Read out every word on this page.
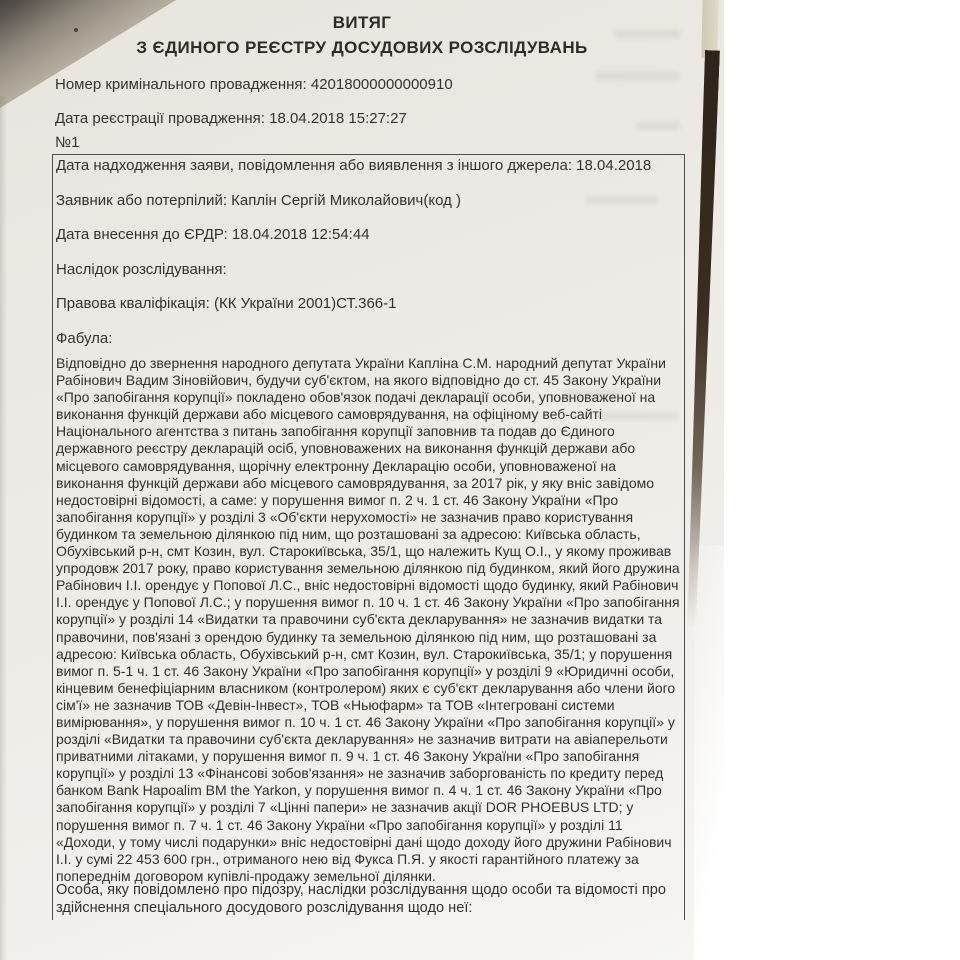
ВИТЯГ
З ЄДИНОГО РЕЄСТРУ ДОСУДОВИХ РОЗСЛІДУВАНЬ
Номер кримінального провадження: 42018000000000910
Дата реєстрації провадження: 18.04.2018 15:27:27
№1
Дата надходження заяви, повідомлення або виявлення з іншого джерела: 18.04.2018
Заявник або потерпілий: Каплін Сергій Миколайович(код )
Дата внесення до ЄРДР: 18.04.2018 12:54:44
Наслідок розслідування:
Правова кваліфікація: (КК України 2001)СТ.366-1
Фабула:
Відповідно до звернення народного депутата України Капліна С.М. народний депутат України Рабінович Вадим Зіновійович, будучи суб'єктом, на якого відповідно до ст. 45 Закону України «Про запобігання корупції» покладено обов'язок подачі декларації особи, уповноваженої на виконання функцій держави або місцевого самоврядування, на офіціному веб-сайті Національного агентства з питань запобігання корупції заповнив та подав до Єдиного державного реєстру декларацій осіб, уповноважених на виконання функцій держави або місцевого самоврядування, щорічну електронну Декларацію особи, уповноваженої на виконання функцій держави або місцевого самоврядування, за 2017 рік, у яку вніс завідомо недостовірні відомості, а саме: у порушення вимог п. 2 ч. 1 ст. 46 Закону України «Про запобігання корупції» у розділі 3 «Об'єкти нерухомості» не зазначив право користування будинком та земельною ділянкою під ним, що розташовані за адресою: Київська область, Обухівський р-н, смт Козин, вул. Старокиївська, 35/1, що належить Кущ О.І., у якому проживав упродовж 2017 року, право користування земельною ділянкою під будинком, який його дружина Рабінович І.І. орендує у Попової Л.С., вніс недостовірні відомості щодо будинку, який Рабінович І.І. орендує у Попової Л.С.; у порушення вимог п. 10 ч. 1 ст. 46 Закону України «Про запобігання корупції» у розділі 14 «Видатки та правочини суб'єкта декларування» не зазначив видатки та правочини, пов'язані з орендою будинку та земельною ділянкою під ним, що розташовані за адресою: Київська область, Обухівський р-н, смт Козин, вул. Старокиївська, 35/1; у порушення вимог п. 5-1 ч. 1 ст. 46 Закону України «Про запобігання корупції» у розділі 9 «Юридичні особи, кінцевим бенефіціарним власником (контролером) яких є суб'єкт декларування або члени його сім'ї» не зазначив ТОВ «Девін-Інвест», ТОВ «Ньюфарм» та ТОВ «Інтегровані системи вимірювання», у порушення вимог п. 10 ч. 1 ст. 46 Закону України «Про запобігання корупції» у розділі «Видатки та правочини суб'єкта декларування» не зазначив витрати на авіаперельоти приватними літаками, у порушення вимог п. 9 ч. 1 ст. 46 Закону України «Про запобігання корупції» у розділі 13 «Фінансові зобов'язання» не зазначив заборгованість по кредиту перед банком Bank Hapoalim BM the Yarkon, у порушення вимог п. 4 ч. 1 ст. 46 Закону України «Про запобігання корупції» у розділі 7 «Цінні папери» не зазначив акції DOR PHOEBUS LTD; у порушення вимог п. 7 ч. 1 ст. 46 Закону України «Про запобігання корупції» у розділі 11 «Доходи, у тому числі подарунки» вніс недостовірні дані щодо доходу його дружини Рабінович І.І. у сумі 22 453 600 грн., отриманого нею від Фукса П.Я. у якості гарантійного платежу за попереднім договором купівлі-продажу земельної ділянки.
Особа, яку повідомлено про підозру, наслідки розслідування щодо особи та відомості про здійснення спеціального досудового розслідування щодо неї:
